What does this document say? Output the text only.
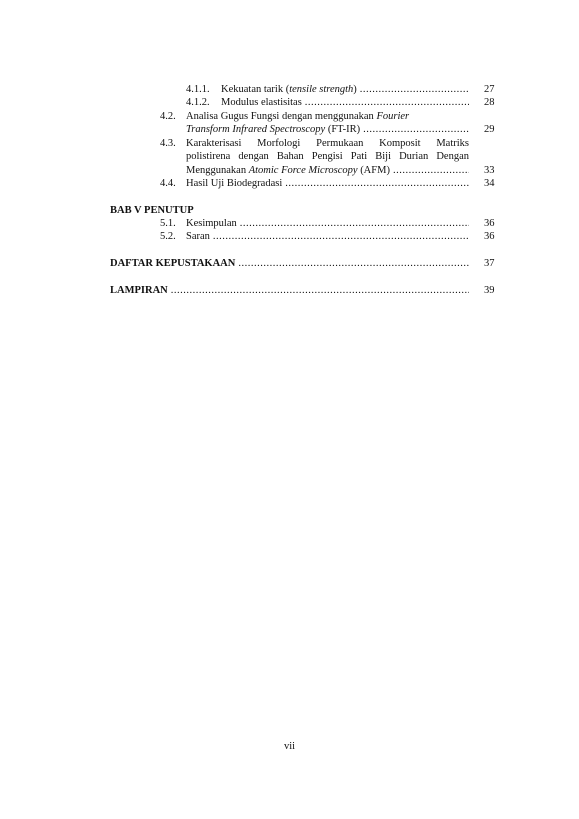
4.1.1. Kekuatan tarik (tensile strength) .....	27
4.1.2. Modulus elastisitas .....	28
4.2. Analisa Gugus Fungsi dengan menggunakan Fourier
Transform Infrared Spectroscopy (FT-IR) .....	29
4.3. Karakterisasi Morfologi Permukaan Komposit Matriks
polistirena dengan Bahan Pengisi Pati Biji Durian Dengan
Menggunakan Atomic Force Microscopy (AFM) .....	33
4.4. Hasil Uji Biodegradasi .....	34
BAB V PENUTUP
5.1. Kesimpulan .....	36
5.2. Saran .....	36
DAFTAR KEPUSTAKAAN .....	37
LAMPIRAN .....	39
vii
